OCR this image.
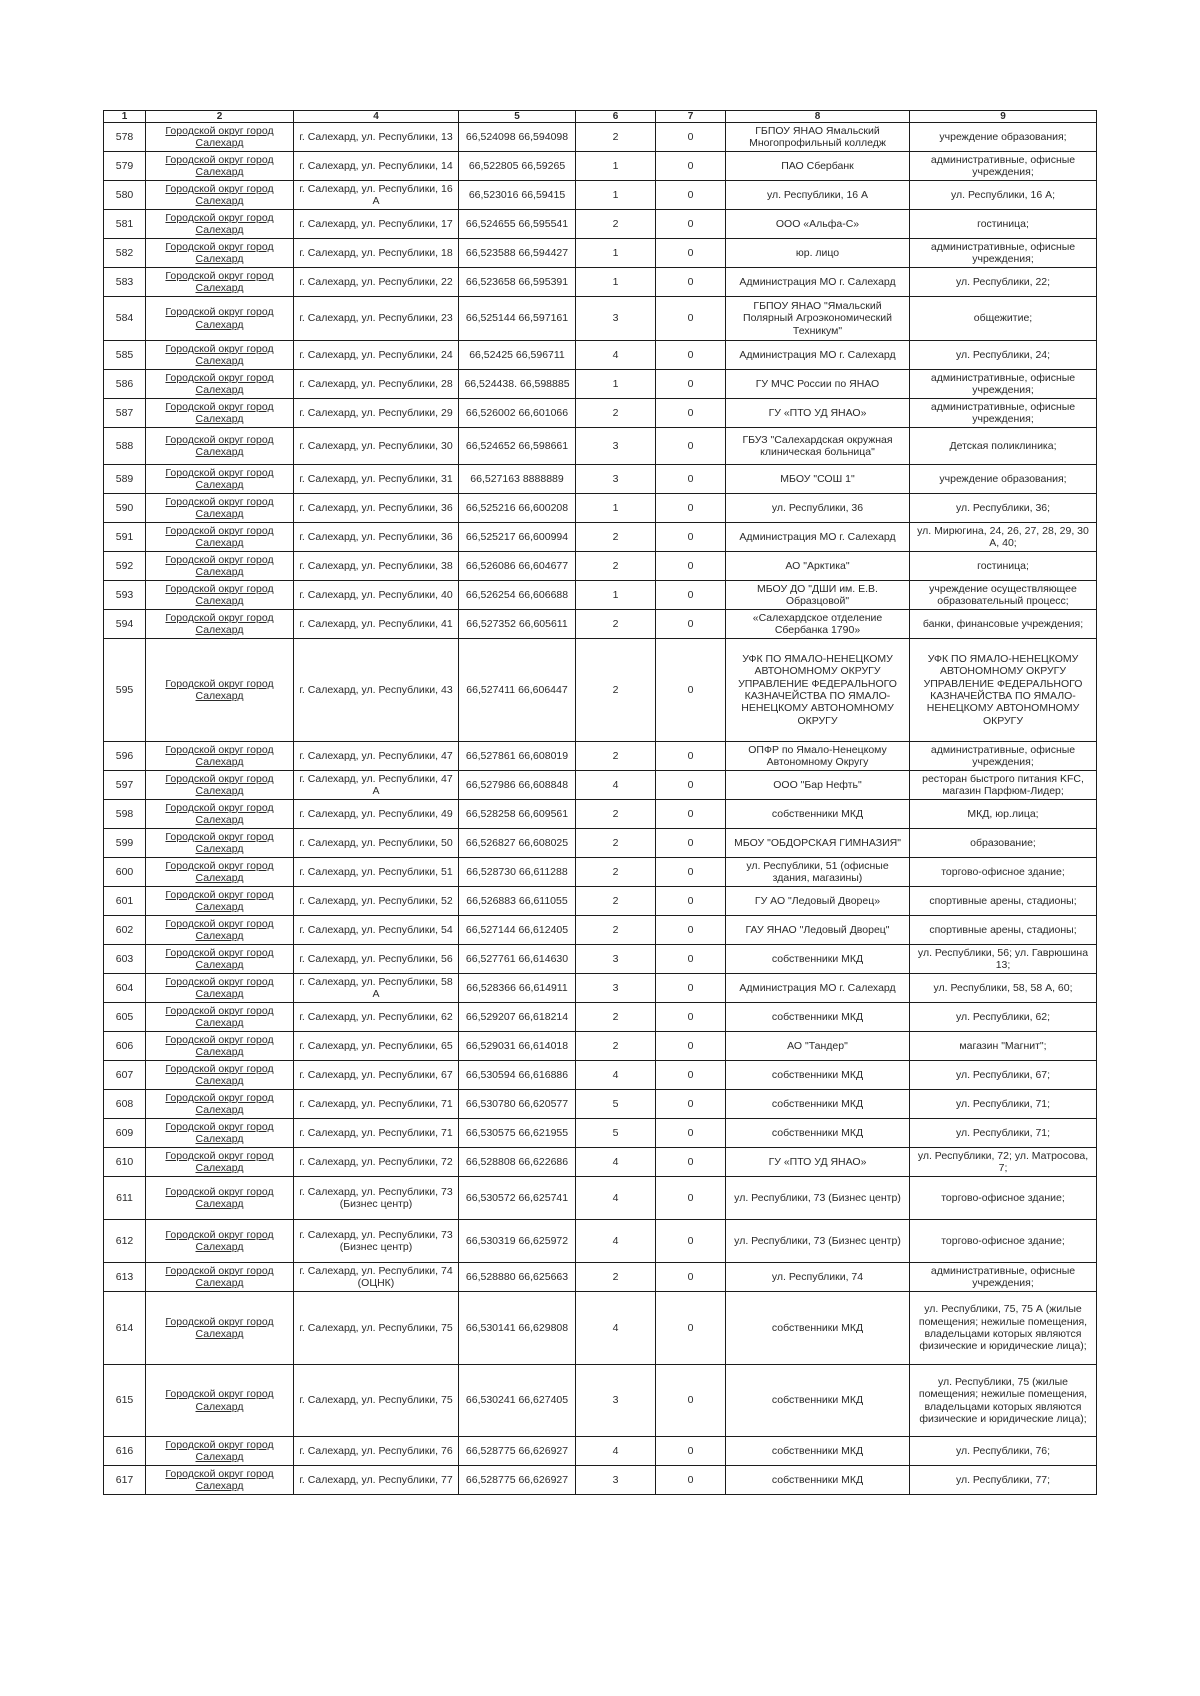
1	2	4	5	6	7	8	9
578	Городской округ город Салехард	г. Салехард, ул. Республики, 13	66,524098 66,594098	2	0	ГБПОУ ЯНАО Ямальский Многопрофильный колледж	учреждение образования;
579	Городской округ город Салехард	г. Салехард, ул. Республики, 14	66,522805 66,59265	1	0	ПАО Сбербанк	административные, офисные учреждения;
580	Городской округ город Салехард	г. Салехард, ул. Республики, 16 А	66,523016 66,59415	1	0	ул. Республики, 16 А	ул. Республики, 16 А;
581	Городской округ город Салехард	г. Салехард, ул. Республики, 17	66,524655 66,595541	2	0	ООО «Альфа-С»	гостиница;
582	Городской округ город Салехард	г. Салехард, ул. Республики, 18	66,523588 66,594427	1	0	юр. лицо	административные, офисные учреждения;
583	Городской округ город Салехард	г. Салехард, ул. Республики, 22	66,523658 66,595391	1	0	Администрация МО г. Салехард	ул. Республики, 22;
584	Городской округ город Салехард	г. Салехард, ул. Республики, 23	66,525144 66,597161	3	0	ГБПОУ ЯНАО "Ямальский Полярный Агроэкономический Техникум"	общежитие;
585	Городской округ город Салехард	г. Салехард, ул. Республики, 24	66,52425 66,596711	4	0	Администрация МО г. Салехард	ул. Республики, 24;
586	Городской округ город Салехард	г. Салехард, ул. Республики, 28	66,524438. 66,598885	1	0	ГУ МЧС России по ЯНАО	административные, офисные учреждения;
587	Городской округ город Салехард	г. Салехард, ул. Республики, 29	66,526002 66,601066	2	0	ГУ «ПТО УД ЯНАО»	административные, офисные учреждения;
588	Городской округ город Салехард	г. Салехард, ул. Республики, 30	66,524652 66,598661	3	0	ГБУЗ "Салехардская окружная клиническая больница"	Детская поликлиника;
589	Городской округ город Салехард	г. Салехард, ул. Республики, 31	66,527163 8888889	3	0	МБОУ "СОШ 1"	учреждение образования;
590	Городской округ город Салехард	г. Салехард, ул. Республики, 36	66,525216 66,600208	1	0	ул. Республики, 36	ул. Республики, 36;
591	Городской округ город Салехард	г. Салехард, ул. Республики, 36	66,525217 66,600994	2	0	Администрация МО г. Салехард	ул. Мирюгина, 24, 26, 27, 28, 29, 30 А, 40;
592	Городской округ город Салехард	г. Салехард, ул. Республики, 38	66,526086 66,604677	2	0	АО "Арктика"	гостиница;
593	Городской округ город Салехард	г. Салехард, ул. Республики, 40	66,526254 66,606688	1	0	МБОУ ДО "ДШИ им. Е.В. Образцовой"	учреждение осуществляющее образовательный процесс;
594	Городской округ город Салехард	г. Салехард, ул. Республики, 41	66,527352 66,605611	2	0	«Салехардское отделение Сбербанка 1790»	банки, финансовые учреждения;
595	Городской округ город Салехард	г. Салехард, ул. Республики, 43	66,527411 66,606447	2	0	УФК ПО ЯМАЛО-НЕНЕЦКОМУ АВТОНОМНОМУ ОКРУГУ УПРАВЛЕНИЕ ФЕДЕРАЛЬНОГО КАЗНАЧЕЙСТВА ПО ЯМАЛО-НЕНЕЦКОМУ АВТОНОМНОМУ ОКРУГУ	УФК ПО ЯМАЛО-НЕНЕЦКОМУ АВТОНОМНОМУ ОКРУГУ УПРАВЛЕНИЕ ФЕДЕРАЛЬНОГО КАЗНАЧЕЙСТВА ПО ЯМАЛО-НЕНЕЦКОМУ АВТОНОМНОМУ ОКРУГУ
596	Городской округ город Салехард	г. Салехард, ул. Республики, 47	66,527861 66,608019	2	0	ОПФР по Ямало-Ненецкому Автономному Округу	административные, офисные учреждения;
597	Городской округ город Салехард	г. Салехард, ул. Республики, 47 А	66,527986 66,608848	4	0	ООО "Бар Нефть"	ресторан быстрого питания KFC, магазин Парфюм-Лидер;
598	Городской округ город Салехард	г. Салехард, ул. Республики, 49	66,528258 66,609561	2	0	собственники МКД	МКД, юр.лица;
599	Городской округ город Салехард	г. Салехард, ул. Республики, 50	66,526827 66,608025	2	0	МБОУ "ОБДОРСКАЯ ГИМНАЗИЯ"	образование;
600	Городской округ город Салехард	г. Салехард, ул. Республики, 51	66,528730 66,611288	2	0	ул. Республики, 51 (офисные здания, магазины)	торгово-офисное здание;
601	Городской округ город Салехард	г. Салехард, ул. Республики, 52	66,526883 66,611055	2	0	ГУ АО "Ледовый Дворец»	спортивные арены, стадионы;
602	Городской округ город Салехард	г. Салехард, ул. Республики, 54	66,527144 66,612405	2	0	ГАУ ЯНАО "Ледовый Дворец"	спортивные арены, стадионы;
603	Городской округ город Салехард	г. Салехард, ул. Республики, 56	66,527761 66,614630	3	0	собственники МКД	ул. Республики, 56; ул. Гаврюшина 13;
604	Городской округ город Салехард	г. Салехард, ул. Республики, 58 А	66,528366 66,614911	3	0	Администрация МО г. Салехард	ул. Республики, 58, 58 А, 60;
605	Городской округ город Салехард	г. Салехард, ул. Республики, 62	66,529207 66,618214	2	0	собственники МКД	ул. Республики, 62;
606	Городской округ город Салехард	г. Салехард, ул. Республики, 65	66,529031 66,614018	2	0	АО "Тандер"	магазин "Магнит";
607	Городской округ город Салехард	г. Салехард, ул. Республики, 67	66,530594 66,616886	4	0	собственники МКД	ул. Республики, 67;
608	Городской округ город Салехард	г. Салехард, ул. Республики, 71	66,530780 66,620577	5	0	собственники МКД	ул. Республики, 71;
609	Городской округ город Салехард	г. Салехард, ул. Республики, 71	66,530575 66,621955	5	0	собственники МКД	ул. Республики, 71;
610	Городской округ город Салехард	г. Салехард, ул. Республики, 72	66,528808 66,622686	4	0	ГУ «ПТО УД ЯНАО»	ул. Республики, 72; ул. Матросова, 7;
611	Городской округ город Салехард	г. Салехард, ул. Республики, 73 (Бизнес центр)	66,530572 66,625741	4	0	ул. Республики, 73 (Бизнес центр)	торгово-офисное здание;
612	Городской округ город Салехард	г. Салехард, ул. Республики, 73 (Бизнес центр)	66,530319 66,625972	4	0	ул. Республики, 73 (Бизнес центр)	торгово-офисное здание;
613	Городской округ город Салехард	г. Салехард, ул. Республики, 74 (ОЦНК)	66,528880 66,625663	2	0	ул. Республики, 74	административные, офисные учреждения;
614	Городской округ город Салехард	г. Салехард, ул. Республики, 75	66,530141 66,629808	4	0	собственники МКД	ул. Республики, 75, 75 А (жилые помещения; нежилые помещения, владельцами которых являются физические и юридические лица);
615	Городской округ город Салехард	г. Салехард, ул. Республики, 75	66,530241 66,627405	3	0	собственники МКД	ул. Республики, 75 (жилые помещения; нежилые помещения, владельцами которых являются физические и юридические лица);
616	Городской округ город Салехард	г. Салехард, ул. Республики, 76	66,528775 66,626927	4	0	собственники МКД	ул. Республики, 76;
617	Городской округ город Салехард	г. Салехард, ул. Республики, 77	66,528775 66,626927	3	0	собственники МКД	ул. Республики, 77;
